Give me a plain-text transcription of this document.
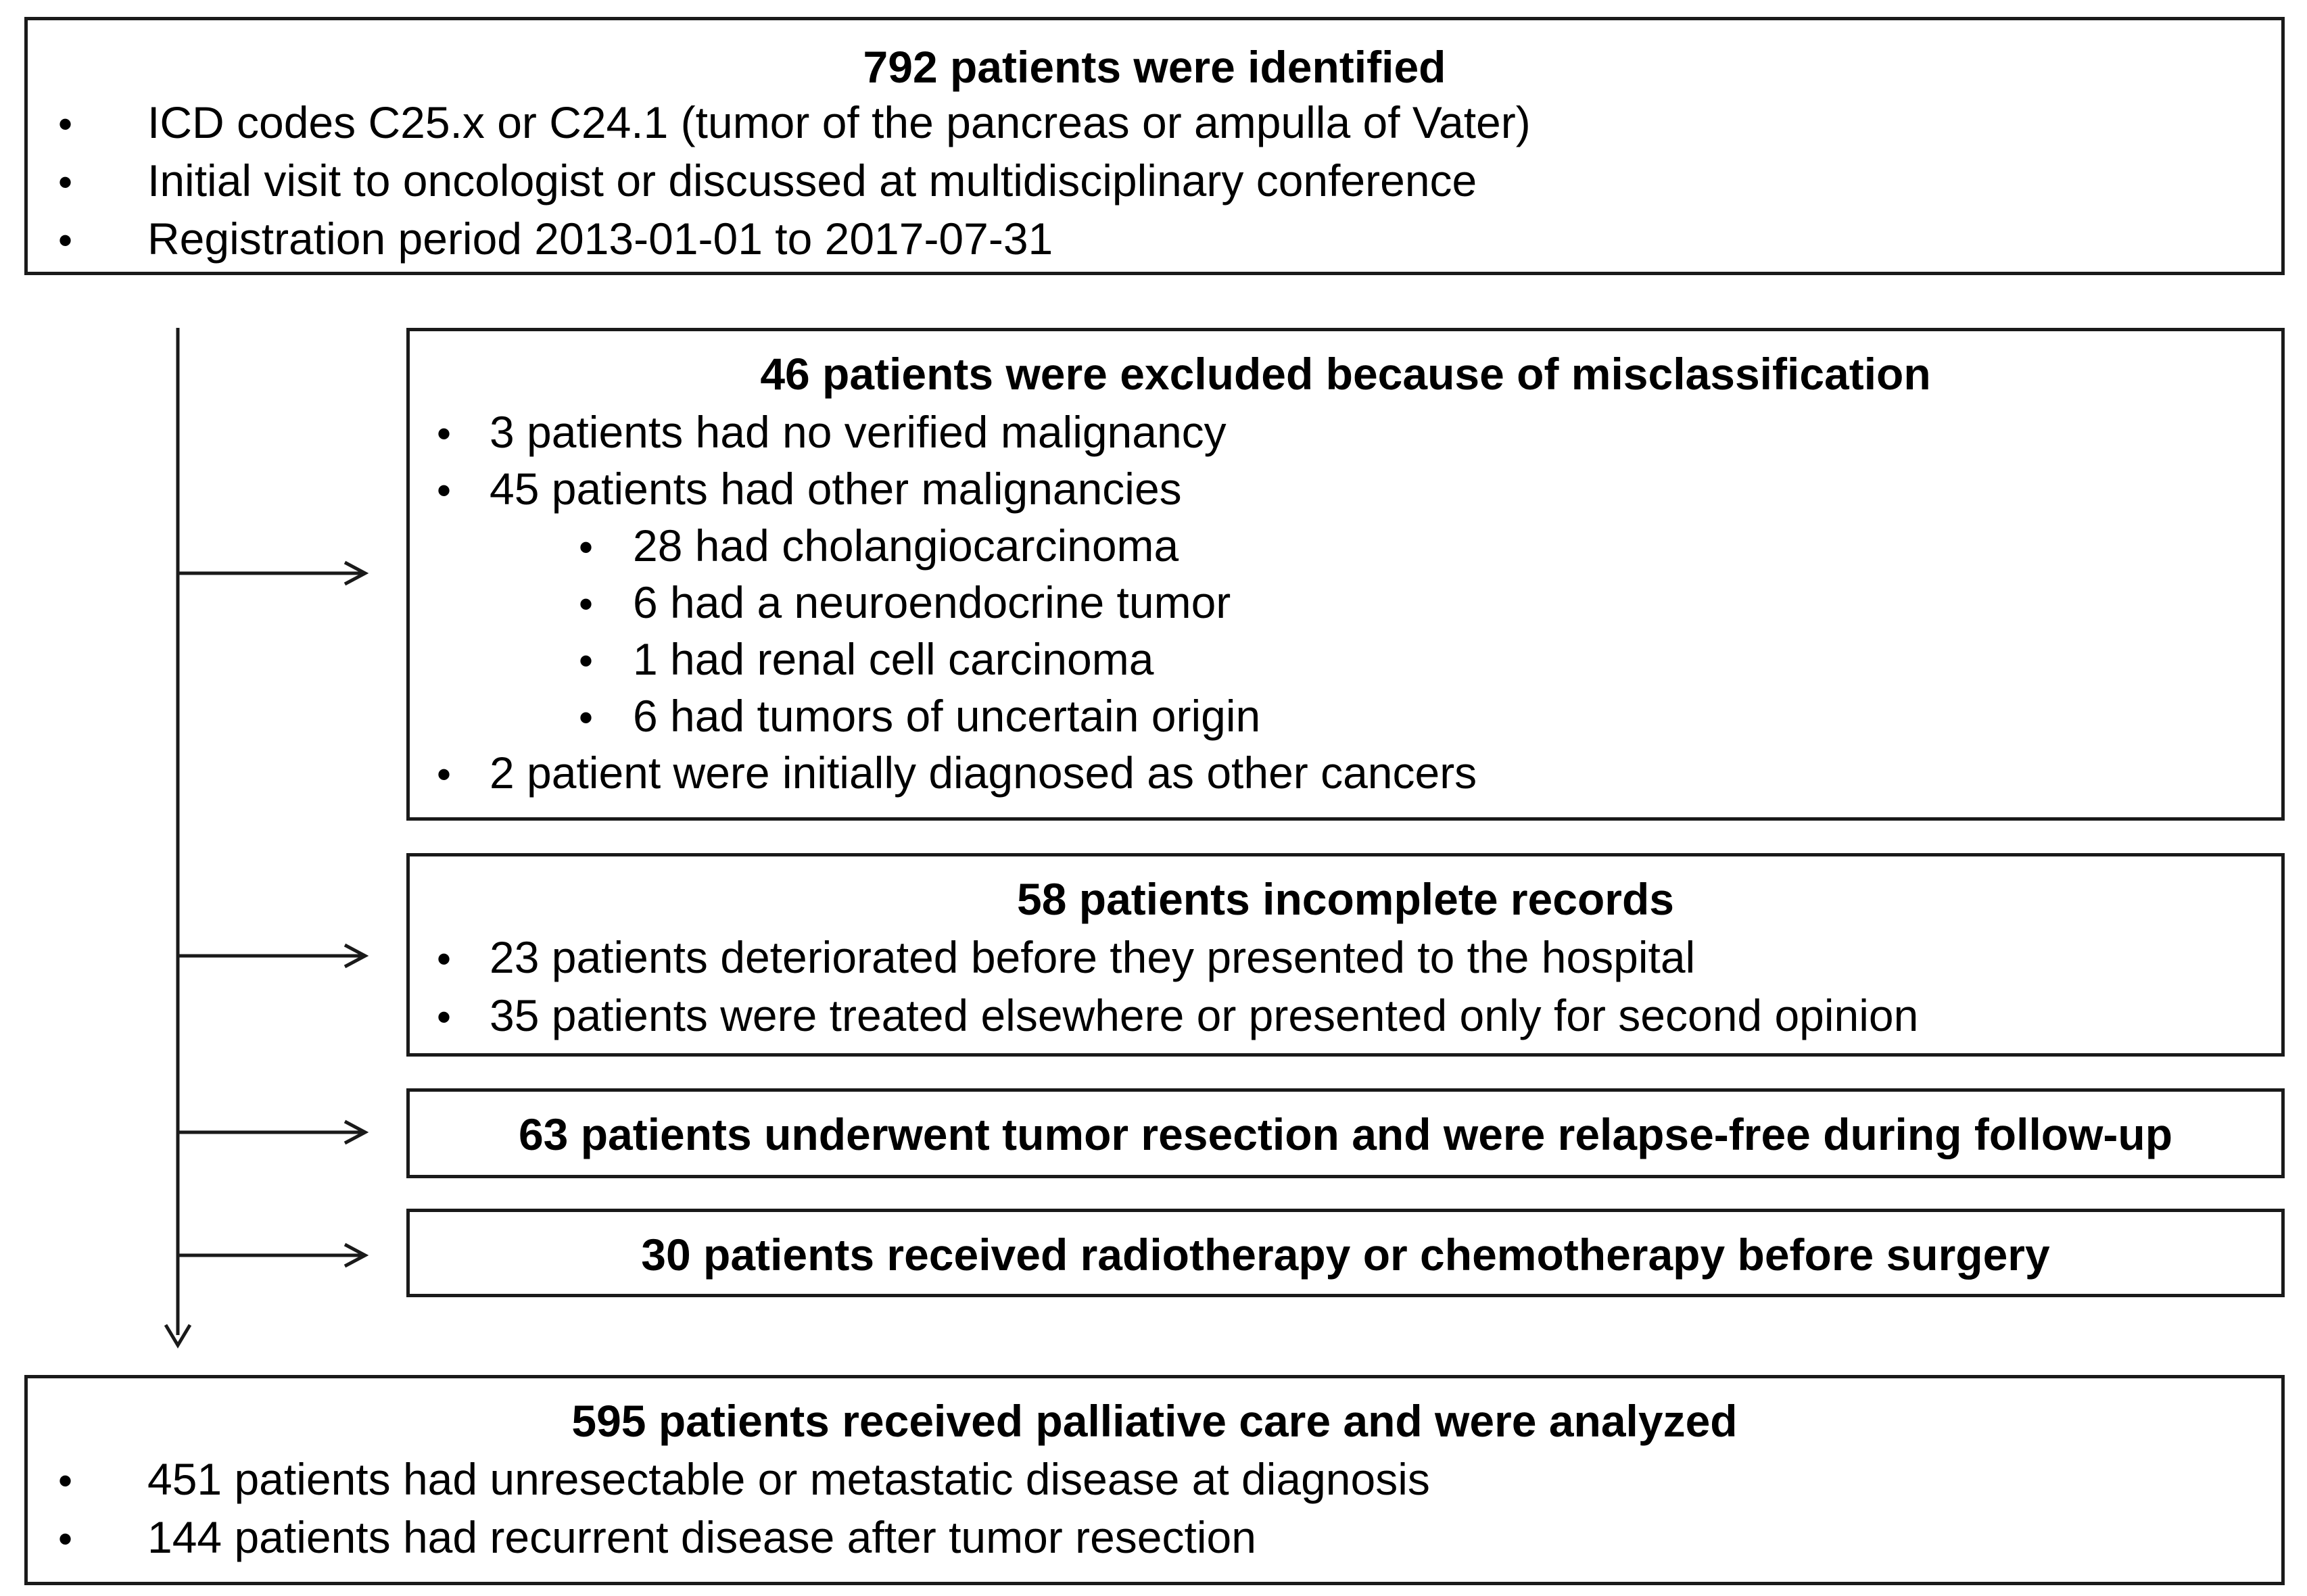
792 patients were identified
• ICD codes C25.x or C24.1 (tumor of the pancreas or ampulla of Vater)
• Initial visit to oncologist or discussed at multidisciplinary conference
• Registration period 2013-01-01 to 2017-07-31
46 patients were excluded because of misclassification
• 3 patients had no verified malignancy
• 45 patients had other malignancies
• 28 had cholangiocarcinoma
• 6 had a neuroendocrine tumor
• 1 had renal cell carcinoma
• 6 had tumors of uncertain origin
• 2 patient were initially diagnosed as other cancers
58 patients incomplete records
• 23 patients deteriorated before they presented to the hospital
• 35 patients were treated elsewhere or presented only for second opinion
63 patients underwent tumor resection and were relapse-free during follow-up
30 patients received radiotherapy or chemotherapy before surgery
595 patients received palliative care and were analyzed
• 451 patients had unresectable or metastatic disease at diagnosis
• 144 patients had recurrent disease after tumor resection
